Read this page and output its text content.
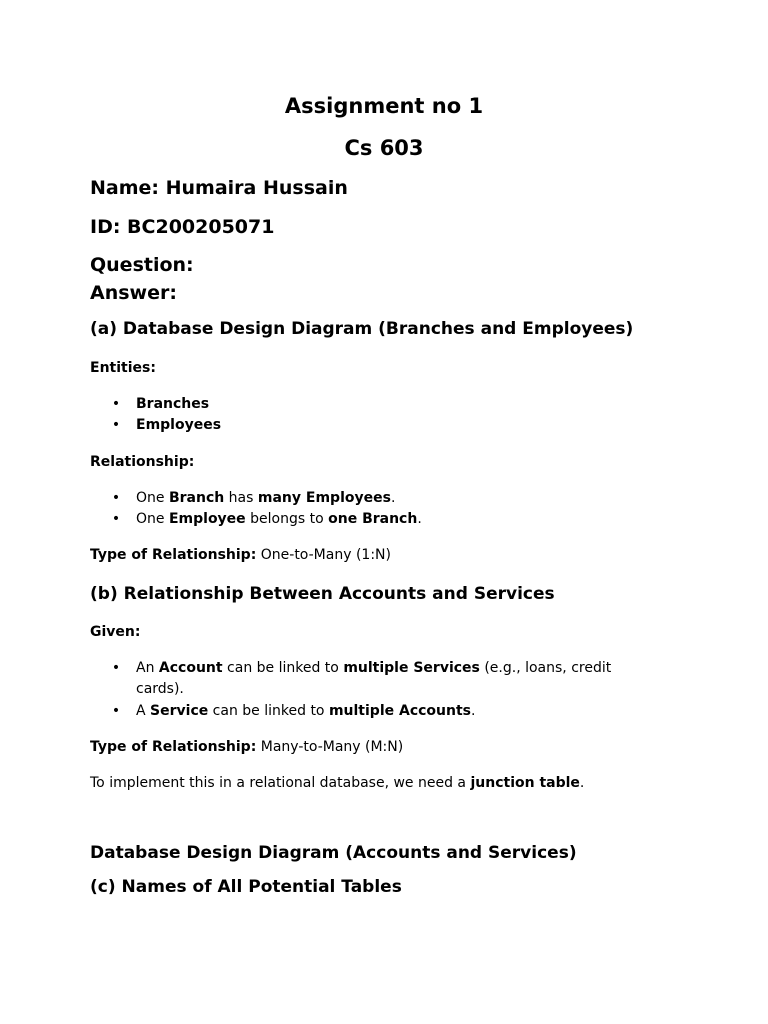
Assignment no 1
Cs 603
Name: Humaira Hussain
ID: BC200205071
Question:
Answer:
(a) Database Design Diagram (Branches and Employees)
Entities:
• Branches
• Employees
Relationship:
• One Branch has many Employees.
• One Employee belongs to one Branch.
Type of Relationship: One-to-Many (1:N)
(b) Relationship Between Accounts and Services
Given:
• An Account can be linked to multiple Services (e.g., loans, credit cards).
• A Service can be linked to multiple Accounts.
Type of Relationship: Many-to-Many (M:N)
To implement this in a relational database, we need a junction table.
Database Design Diagram (Accounts and Services)
(c) Names of All Potential Tables
